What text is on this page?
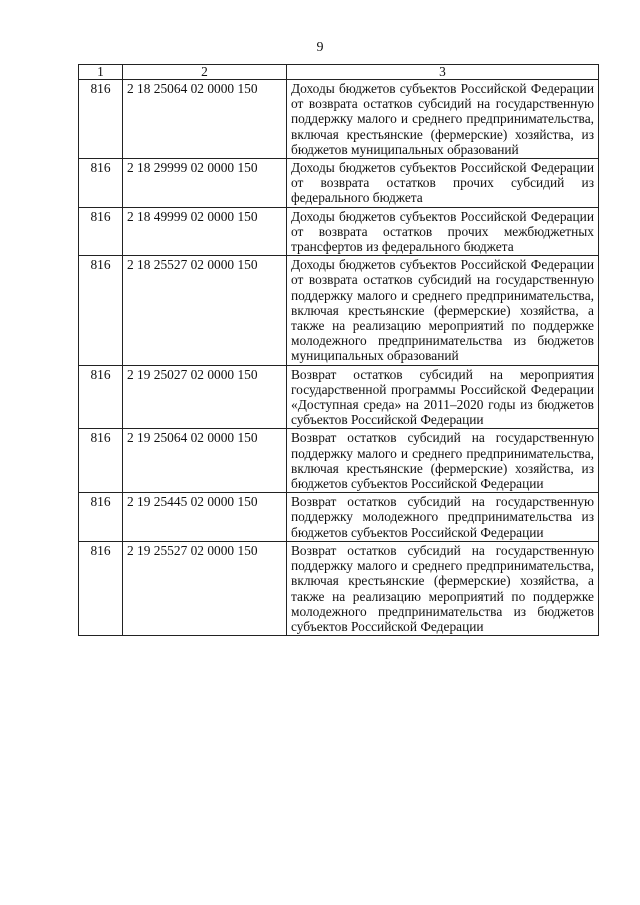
9
1	2	3
816	2 18 25064 02 0000 150	Доходы бюджетов субъектов Российской Федерации от возврата остатков субсидий на государственную поддержку малого и среднего предпринимательства, включая крестьянские (фермерские) хозяйства, из бюджетов муниципальных образований
816	2 18 29999 02 0000 150	Доходы бюджетов субъектов Российской Федерации от возврата остатков прочих субсидий из федерального бюджета
816	2 18 49999 02 0000 150	Доходы бюджетов субъектов Российской Федерации от возврата остатков прочих межбюджетных трансфертов из федерального бюджета
816	2 18 25527 02 0000 150	Доходы бюджетов субъектов Российской Федерации от возврата остатков субсидий на государственную поддержку малого и среднего предпринимательства, включая крестьянские (фермерские) хозяйства, а также на реализацию мероприятий по поддержке молодежного предпринимательства из бюджетов муниципальных образований
816	2 19 25027 02 0000 150	Возврат остатков субсидий на мероприятия государственной программы Российской Федерации «Доступная среда» на 2011–2020 годы из бюджетов субъектов Российской Федерации
816	2 19 25064 02 0000 150	Возврат остатков субсидий на государственную поддержку малого и среднего предпринимательства, включая крестьянские (фермерские) хозяйства, из бюджетов субъектов Российской Федерации
816	2 19 25445 02 0000 150	Возврат остатков субсидий на государственную поддержку молодежного предпринимательства из бюджетов субъектов Российской Федерации
816	2 19 25527 02 0000 150	Возврат остатков субсидий на государственную поддержку малого и среднего предпринимательства, включая крестьянские (фермерские) хозяйства, а также на реализацию мероприятий по поддержке молодежного предпринимательства из бюджетов субъектов Российской Федерации
